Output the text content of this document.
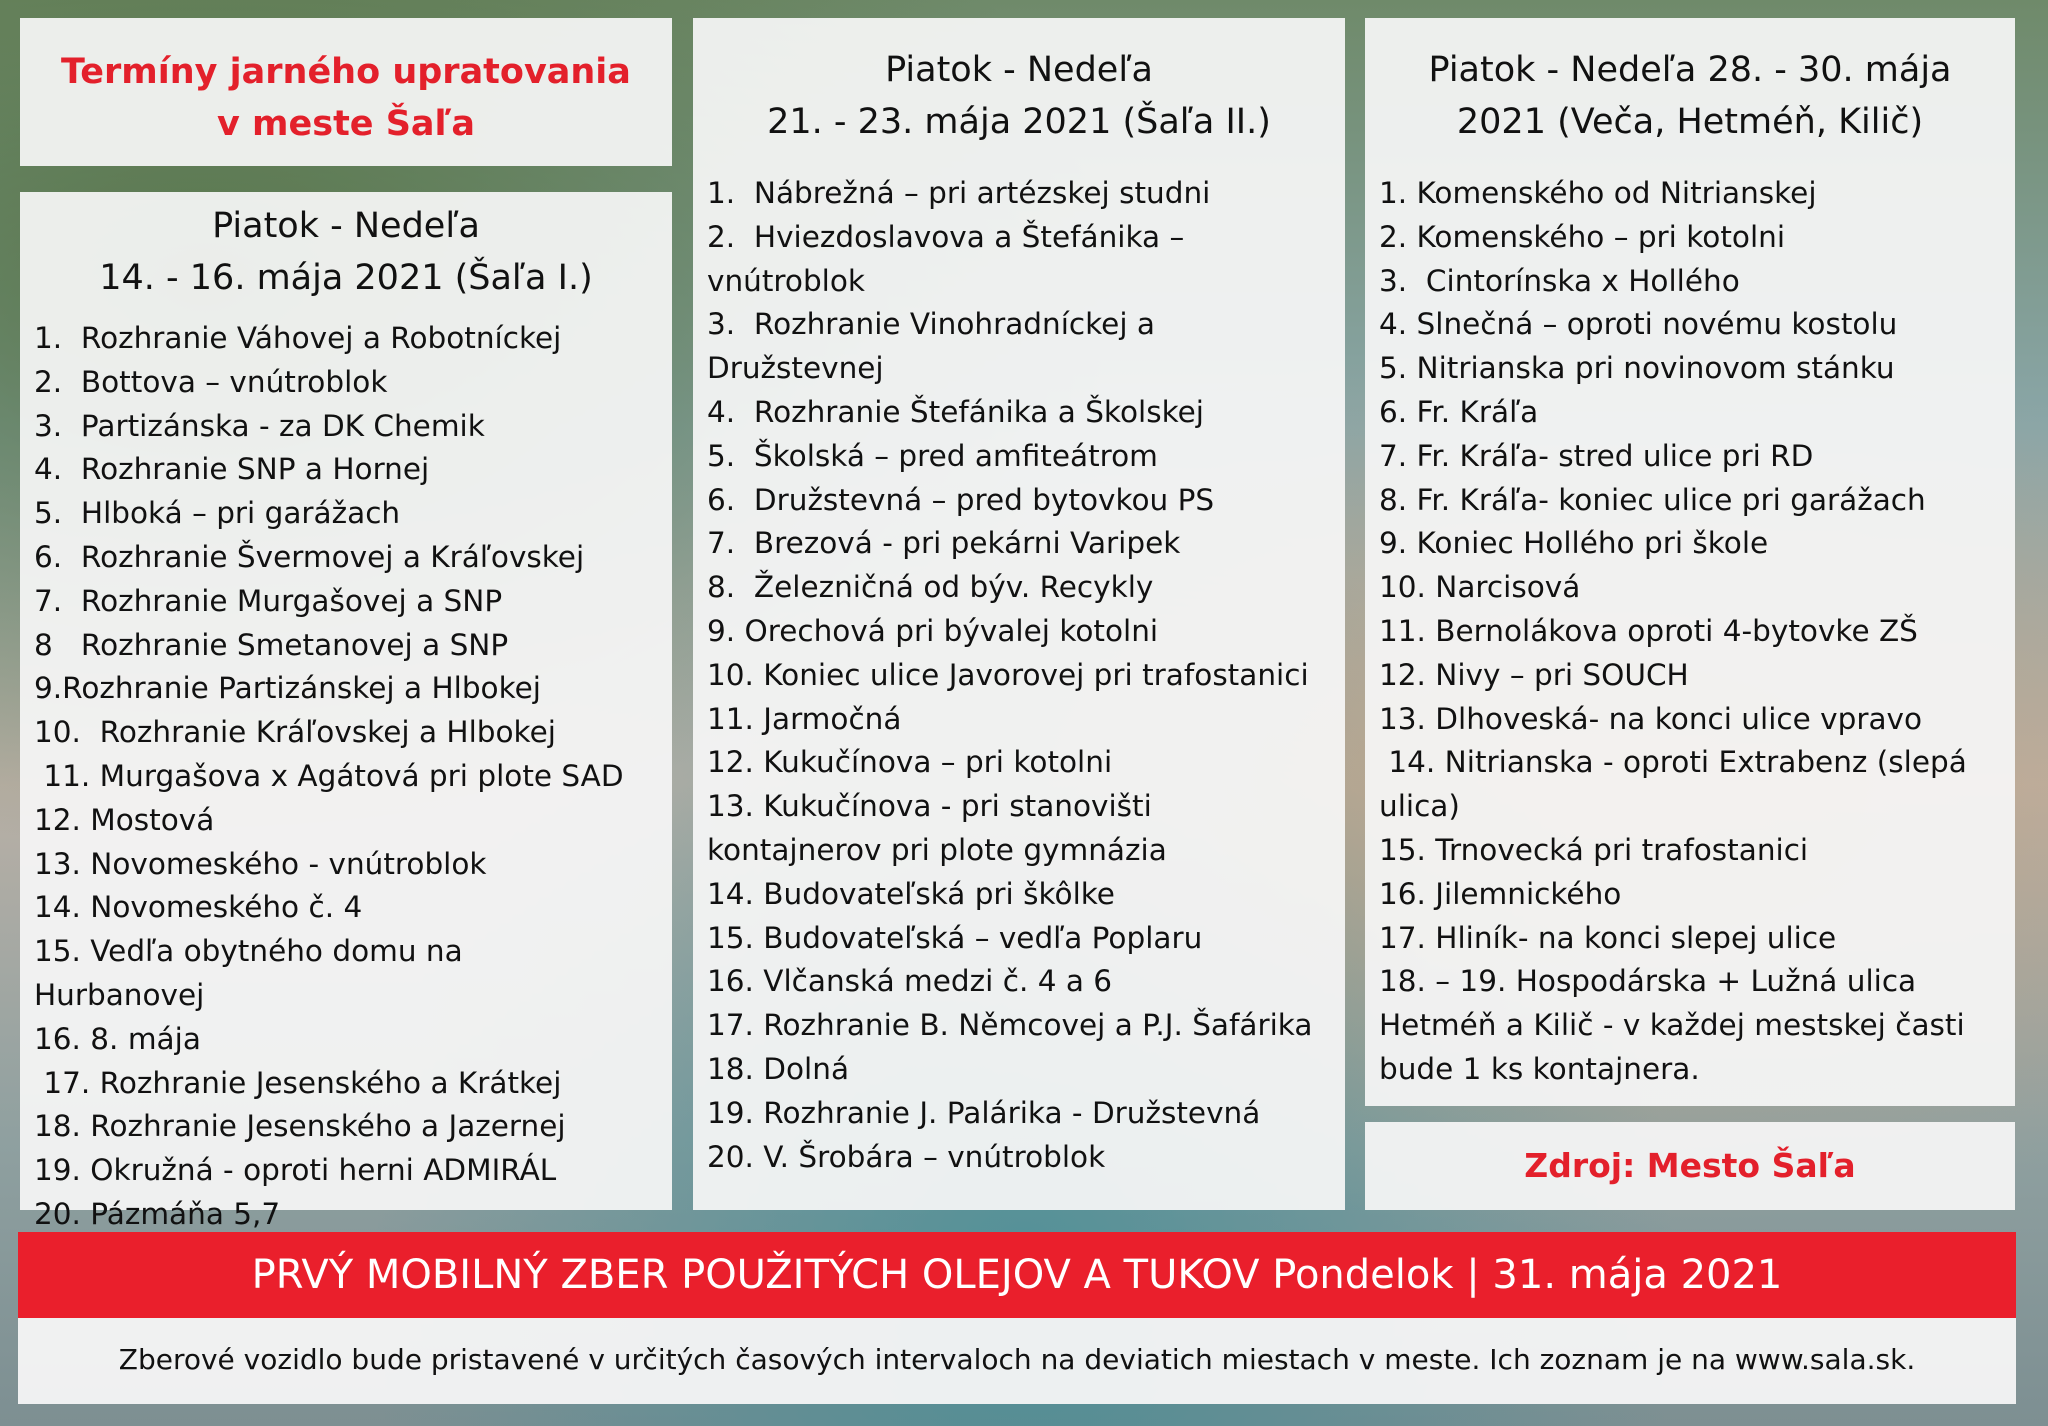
Termíny jarného upratovania
v meste Šaľa
Piatok - Nedeľa
14. - 16. mája 2021 (Šaľa I.)
1.  Rozhranie Váhovej a Robotníckej
2.  Bottova – vnútroblok
3.  Partizánska - za DK Chemik
4.  Rozhranie SNP a Hornej
5.  Hlboká – pri garážach
6.  Rozhranie Švermovej a Kráľovskej
7.  Rozhranie Murgašovej a SNP
8   Rozhranie Smetanovej a SNP
9.Rozhranie Partizánskej a Hlbokej
10.  Rozhranie Kráľovskej a Hlbokej
11. Murgašova x Agátová pri plote SAD
12. Mostová
13. Novomeského - vnútroblok
14. Novomeského č. 4
15. Vedľa obytného domu na
Hurbanovej
16. 8. mája
17. Rozhranie Jesenského a Krátkej
18. Rozhranie Jesenského a Jazernej
19. Okružná - oproti herni ADMIRÁL
20. Pázmáňa 5,7
Piatok - Nedeľa
21. - 23. mája 2021 (Šaľa II.)
1.  Nábrežná – pri artézskej studni
2.  Hviezdoslavova a Štefánika –
vnútroblok
3.  Rozhranie Vinohradníckej a
Družstevnej
4.  Rozhranie Štefánika a Školskej
5.  Školská – pred amfiteátrom
6.  Družstevná – pred bytovkou PS
7.  Brezová - pri pekárni Varipek
8.  Železničná od býv. Recykly
9. Orechová pri bývalej kotolni
10. Koniec ulice Javorovej pri trafostanici
11. Jarmočná
12. Kukučínova – pri kotolni
13. Kukučínova - pri stanovišti
kontajnerov pri plote gymnázia
14. Budovateľská pri škôlke
15. Budovateľská – vedľa Poplaru
16. Vlčanská medzi č. 4 a 6
17. Rozhranie B. Němcovej a P.J. Šafárika
18. Dolná
19. Rozhranie J. Palárika - Družstevná
20. V. Šrobára – vnútroblok
Piatok - Nedeľa 28. - 30. mája
2021 (Veča, Hetméň, Kilič)
1. Komenského od Nitrianskej
2. Komenského – pri kotolni
3.  Cintorínska x Hollého
4. Slnečná – oproti novému kostolu
5. Nitrianska pri novinovom stánku
6. Fr. Kráľa
7. Fr. Kráľa- stred ulice pri RD
8. Fr. Kráľa- koniec ulice pri garážach
9. Koniec Hollého pri škole
10. Narcisová
11. Bernolákova oproti 4-bytovke ZŠ
12. Nivy – pri SOUCH
13. Dlhoveská- na konci ulice vpravo
14. Nitrianska - oproti Extrabenz (slepá
ulica)
15. Trnovecká pri trafostanici
16. Jilemnického
17. Hliník- na konci slepej ulice
18. – 19. Hospodárska + Lužná ulica
Hetméň a Kilič - v každej mestskej časti
bude 1 ks kontajnera.
Zdroj: Mesto Šaľa
PRVÝ MOBILNÝ ZBER POUŽITÝCH OLEJOV A TUKOV Pondelok | 31. mája 2021
Zberové vozidlo bude pristavené v určitých časových intervaloch na deviatich miestach v meste. Ich zoznam je na www.sala.sk.
